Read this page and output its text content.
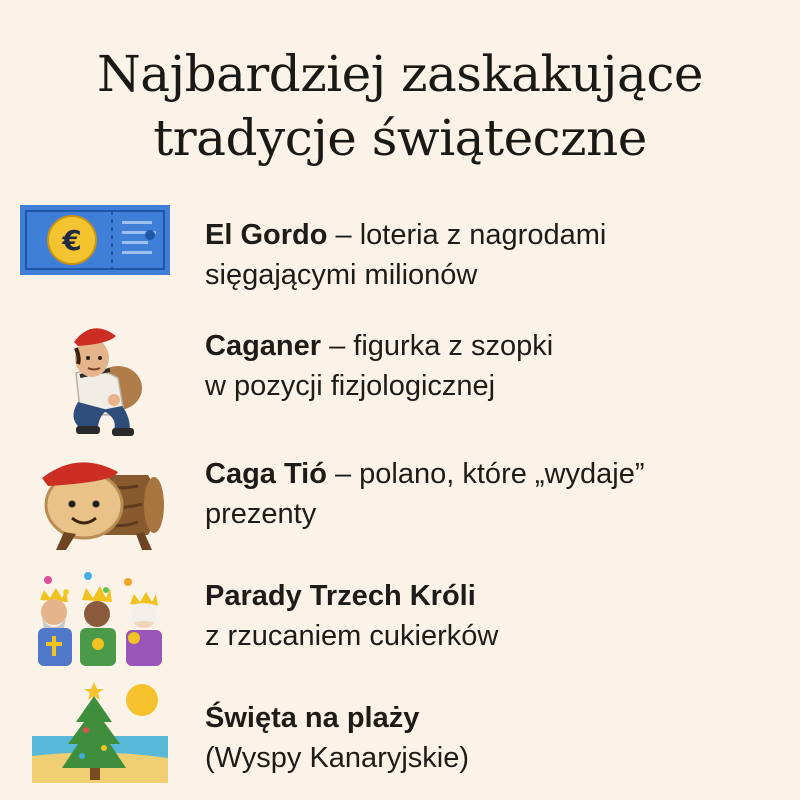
Najbardziej zaskakujące
tradycje świąteczne
€	El Gordo – loteria z nagrodami
sięgającymi milionów
Caganer – figurka z szopki
w pozycji fizjologicznej
Caga Tió – polano, które „wydaje”
prezenty
Parady Trzech Króli
z rzucaniem cukierków
Święta na plaży
(Wyspy Kanaryjskie)
